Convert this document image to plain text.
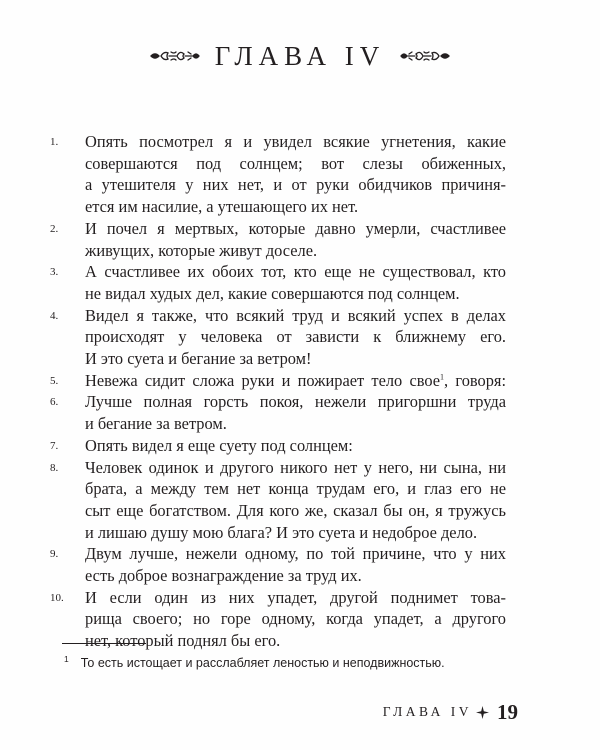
ГЛАВА IV
1. Опять посмотрел я и увидел всякие угнетения, какие
совершаются под солнцем; вот слезы обиженных,
а утешителя у них нет, и от руки обидчиков причиня-
ется им насилие, а утешающего их нет.
2. И почел я мертвых, которые давно умерли, счастливее
живущих, которые живут доселе.
3. А счастливее их обоих тот, кто еще не существовал, кто
не видал худых дел, какие совершаются под солнцем.
4. Видел я также, что всякий труд и всякий успех в делах
происходят у человека от зависти к ближнему его.
И это суета и бегание за ветром!
5. Невежа сидит сложа руки и пожирает тело свое$^1$, говоря:
6. Лучше полная горсть покоя, нежели пригоршни труда
и бегание за ветром.
7. Опять видел я еще суету под солнцем:
8. Человек одинок и другого никого нет у него, ни сына, ни
брата, а между тем нет конца трудам его, и глаз его не
сыт еще богатством. Для кого же, сказал бы он, я тружусь
и лишаю душу мою блага? И это суета и недоброе дело.
9. Двум лучше, нежели одному, по той причине, что у них
есть доброе вознаграждение за труд их.
10. И если один из них упадет, другой поднимет това-
рища своего; но горе одному, когда упадет, а другого
нет, который поднял бы его.
$^1$ То есть истощает и расслабляет леностью и неподвижностью.
ГЛАВА IV 19
